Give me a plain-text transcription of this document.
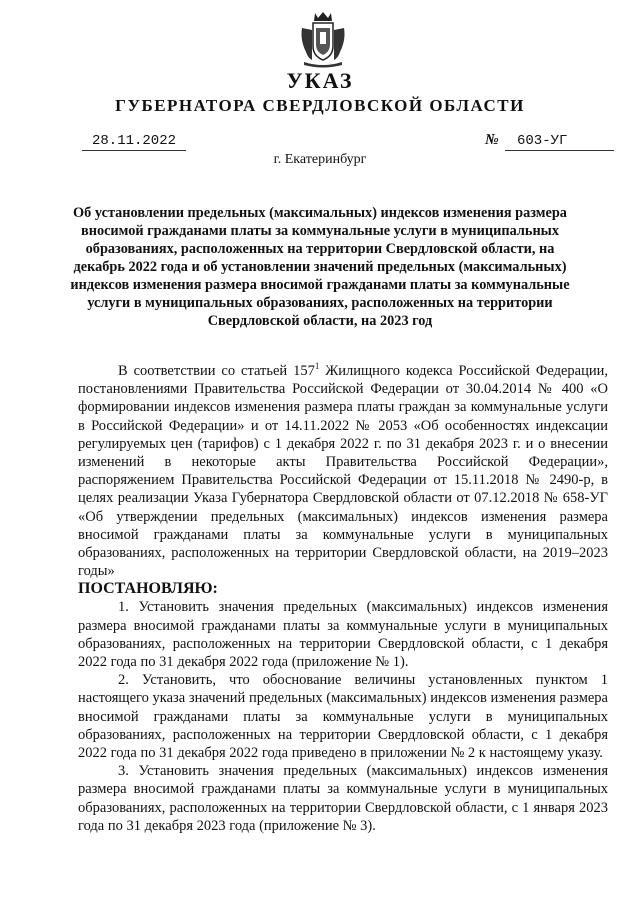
УКАЗ
ГУБЕРНАТОРА СВЕРДЛОВСКОЙ ОБЛАСТИ
28.11.2022	№	603-УГ
г. Екатеринбург
Об установлении предельных (максимальных) индексов изменения размера вносимой гражданами платы за коммунальные услуги в муниципальных образованиях, расположенных на территории Свердловской области, на декабрь 2022 года и об установлении значений предельных (максимальных) индексов изменения размера вносимой гражданами платы за коммунальные услуги в муниципальных образованиях, расположенных на территории Свердловской области, на 2023 год

В соответствии со статьей $157^1$ Жилищного кодекса Российской Федерации, постановлениями Правительства Российской Федерации от 30.04.2014 № 400 «О формировании индексов изменения размера платы граждан за коммунальные услуги в Российской Федерации» и от 14.11.2022 № 2053 «Об особенностях индексации регулируемых цен (тарифов) с 1 декабря 2022 г. по 31 декабря 2023 г. и о внесении изменений в некоторые акты Правительства Российской Федерации», распоряжением Правительства Российской Федерации от 15.11.2018 № 2490-р, в целях реализации Указа Губернатора Свердловской области от 07.12.2018 № 658-УГ «Об утверждении предельных (максимальных) индексов изменения размера вносимой гражданами платы за коммунальные услуги в муниципальных образованиях, расположенных на территории Свердловской области, на 2019–2023 годы»

ПОСТАНОВЛЯЮ:

1. Установить значения предельных (максимальных) индексов изменения размера вносимой гражданами платы за коммунальные услуги в муниципальных образованиях, расположенных на территории Свердловской области, с 1 декабря 2022 года по 31 декабря 2022 года (приложение № 1).

2. Установить, что обоснование величины установленных пунктом 1 настоящего указа значений предельных (максимальных) индексов изменения размера вносимой гражданами платы за коммунальные услуги в муниципальных образованиях, расположенных на территории Свердловской области, с 1 декабря 2022 года по 31 декабря 2022 года приведено в приложении № 2 к настоящему указу.

3. Установить значения предельных (максимальных) индексов изменения размера вносимой гражданами платы за коммунальные услуги в муниципальных образованиях, расположенных на территории Свердловской области, с 1 января 2023 года по 31 декабря 2023 года (приложение № 3).
